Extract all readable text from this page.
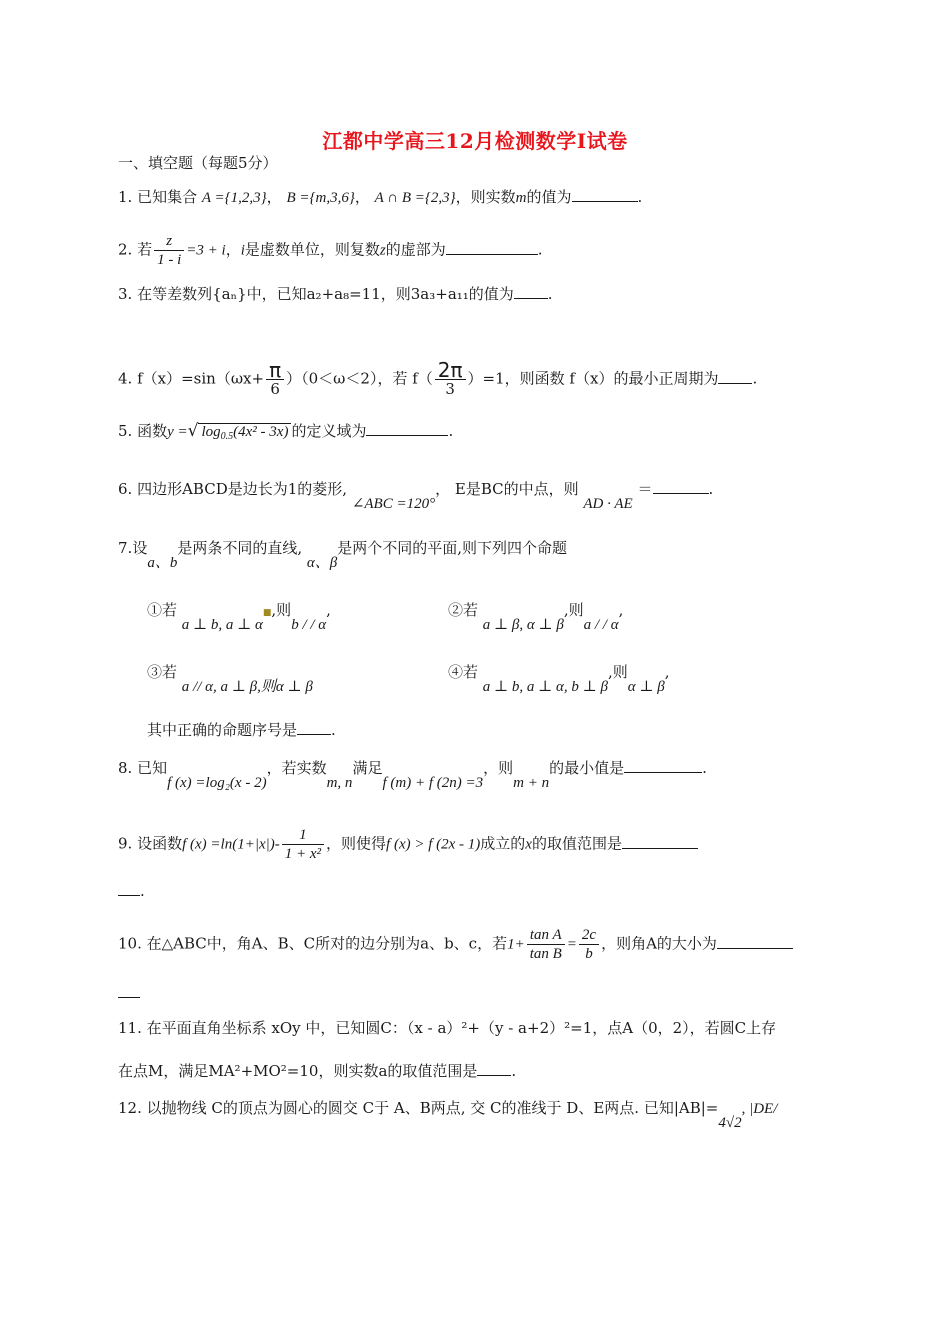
江都中学高三12月检测数学Ⅰ试卷
一、填空题（每题5分）
1. 已知集合 A ={1,2,3}， B ={m,3,6}， A ∩ B ={2,3}，则实数m的值为	.
2. 若 $\frac{z}{1 - i} =3 + i$，i是虚数单位，则复数z的虚部为	.
3. 在等差数列{aₙ}中，已知a₂+a₈=11，则3a₃+a₁₁的值为 .
4. $f(x)=\sin(\omega x+ \frac{\pi}{6} )(0<\omega<2)$，若 $f( \frac{2\pi}{3} )=1$，则函数 f（x）的最小正周期为 .
5. 函数y =√ $\log_{0.5}(4x^2 - 3x)$ 的定义域为	.
6. 四边形ABCD是边长为1的菱形, ∠ABC =120°， E是BC的中点，则 AD · AE ＝	.
7.设a、b是两条不同的直线, α、β是两个不同的平面,则下列四个命题
①若 a ⊥ b, a ⊥ α■,则b / / α,	②若 a ⊥ β, α ⊥ β,则a / / α,
③若 a // α, a ⊥ β,则α ⊥ β
④若 a ⊥ b, a ⊥ α, b ⊥ β,则α ⊥ β,
其中正确的命题序号是 .
8. 已知f (x) =log₂(x - 2)，若实数m, n满足f (m) + f (2n) =3，则m + n的最小值是	.
9. 设函数f $(x) =\ln(1+|x|)- \frac{1}{\text{1 + x²}}$ ，则使得f (x) > f (2x - 1)成立的x的取值范围是
.
10. 在△ABC中，角A、B、C所对的边分别为a、b、c，若$1+ \frac{\text{tan A}}{\text{tan B}} = \frac{2c}{b}$ ，则角A的大小为
11. 在平面直角坐标系 xOy 中，已知圆C：（x - a）²+（y - a+2）²=1，点A（0，2），若圆C上存
在点M，满足MA²+MO²=10，则实数a的取值范围是 .
12. 以抛物线 C的顶点为圆心的圆交 C于 A、B两点, 交 C的准线于 D、E两点. 已知|AB|=4√2, |DE/
